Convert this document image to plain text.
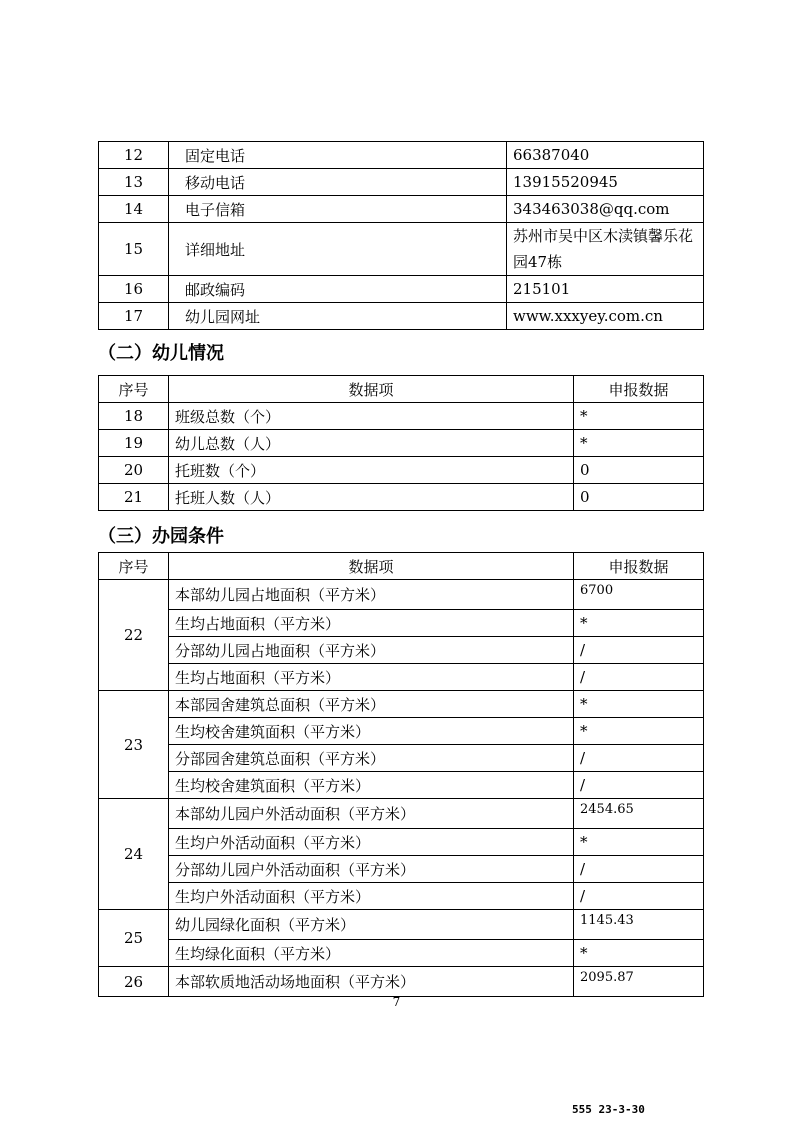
12	固定电话	66387040
13	移动电话	13915520945
14	电子信箱	343463038@qq.com
15	详细地址	苏州市吴中区木渎镇馨乐花园47栋
16	邮政编码	215101
17	幼儿园网址	www.xxxyey.com.cn
（二）幼儿情况
序号	数据项	申报数据
18	班级总数（个）	*
19	幼儿总数（人）	*
20	托班数（个）	0
21	托班人数（人）	0
（三）办园条件
序号	数据项	申报数据
22	本部幼儿园占地面积（平方米）	6700
	生均占地面积（平方米）	*
	分部幼儿园占地面积（平方米）	/
	生均占地面积（平方米）	/
23	本部园舍建筑总面积（平方米）	*
	生均校舍建筑面积（平方米）	*
	分部园舍建筑总面积（平方米）	/
	生均校舍建筑面积（平方米）	/
24	本部幼儿园户外活动面积（平方米）	2454.65
	生均户外活动面积（平方米）	*
	分部幼儿园户外活动面积（平方米）	/
	生均户外活动面积（平方米）	/
25	幼儿园绿化面积（平方米）	1145.43
	生均绿化面积（平方米）	*
26	本部软质地活动场地面积（平方米）	2095.87
7
555 23-3-30
